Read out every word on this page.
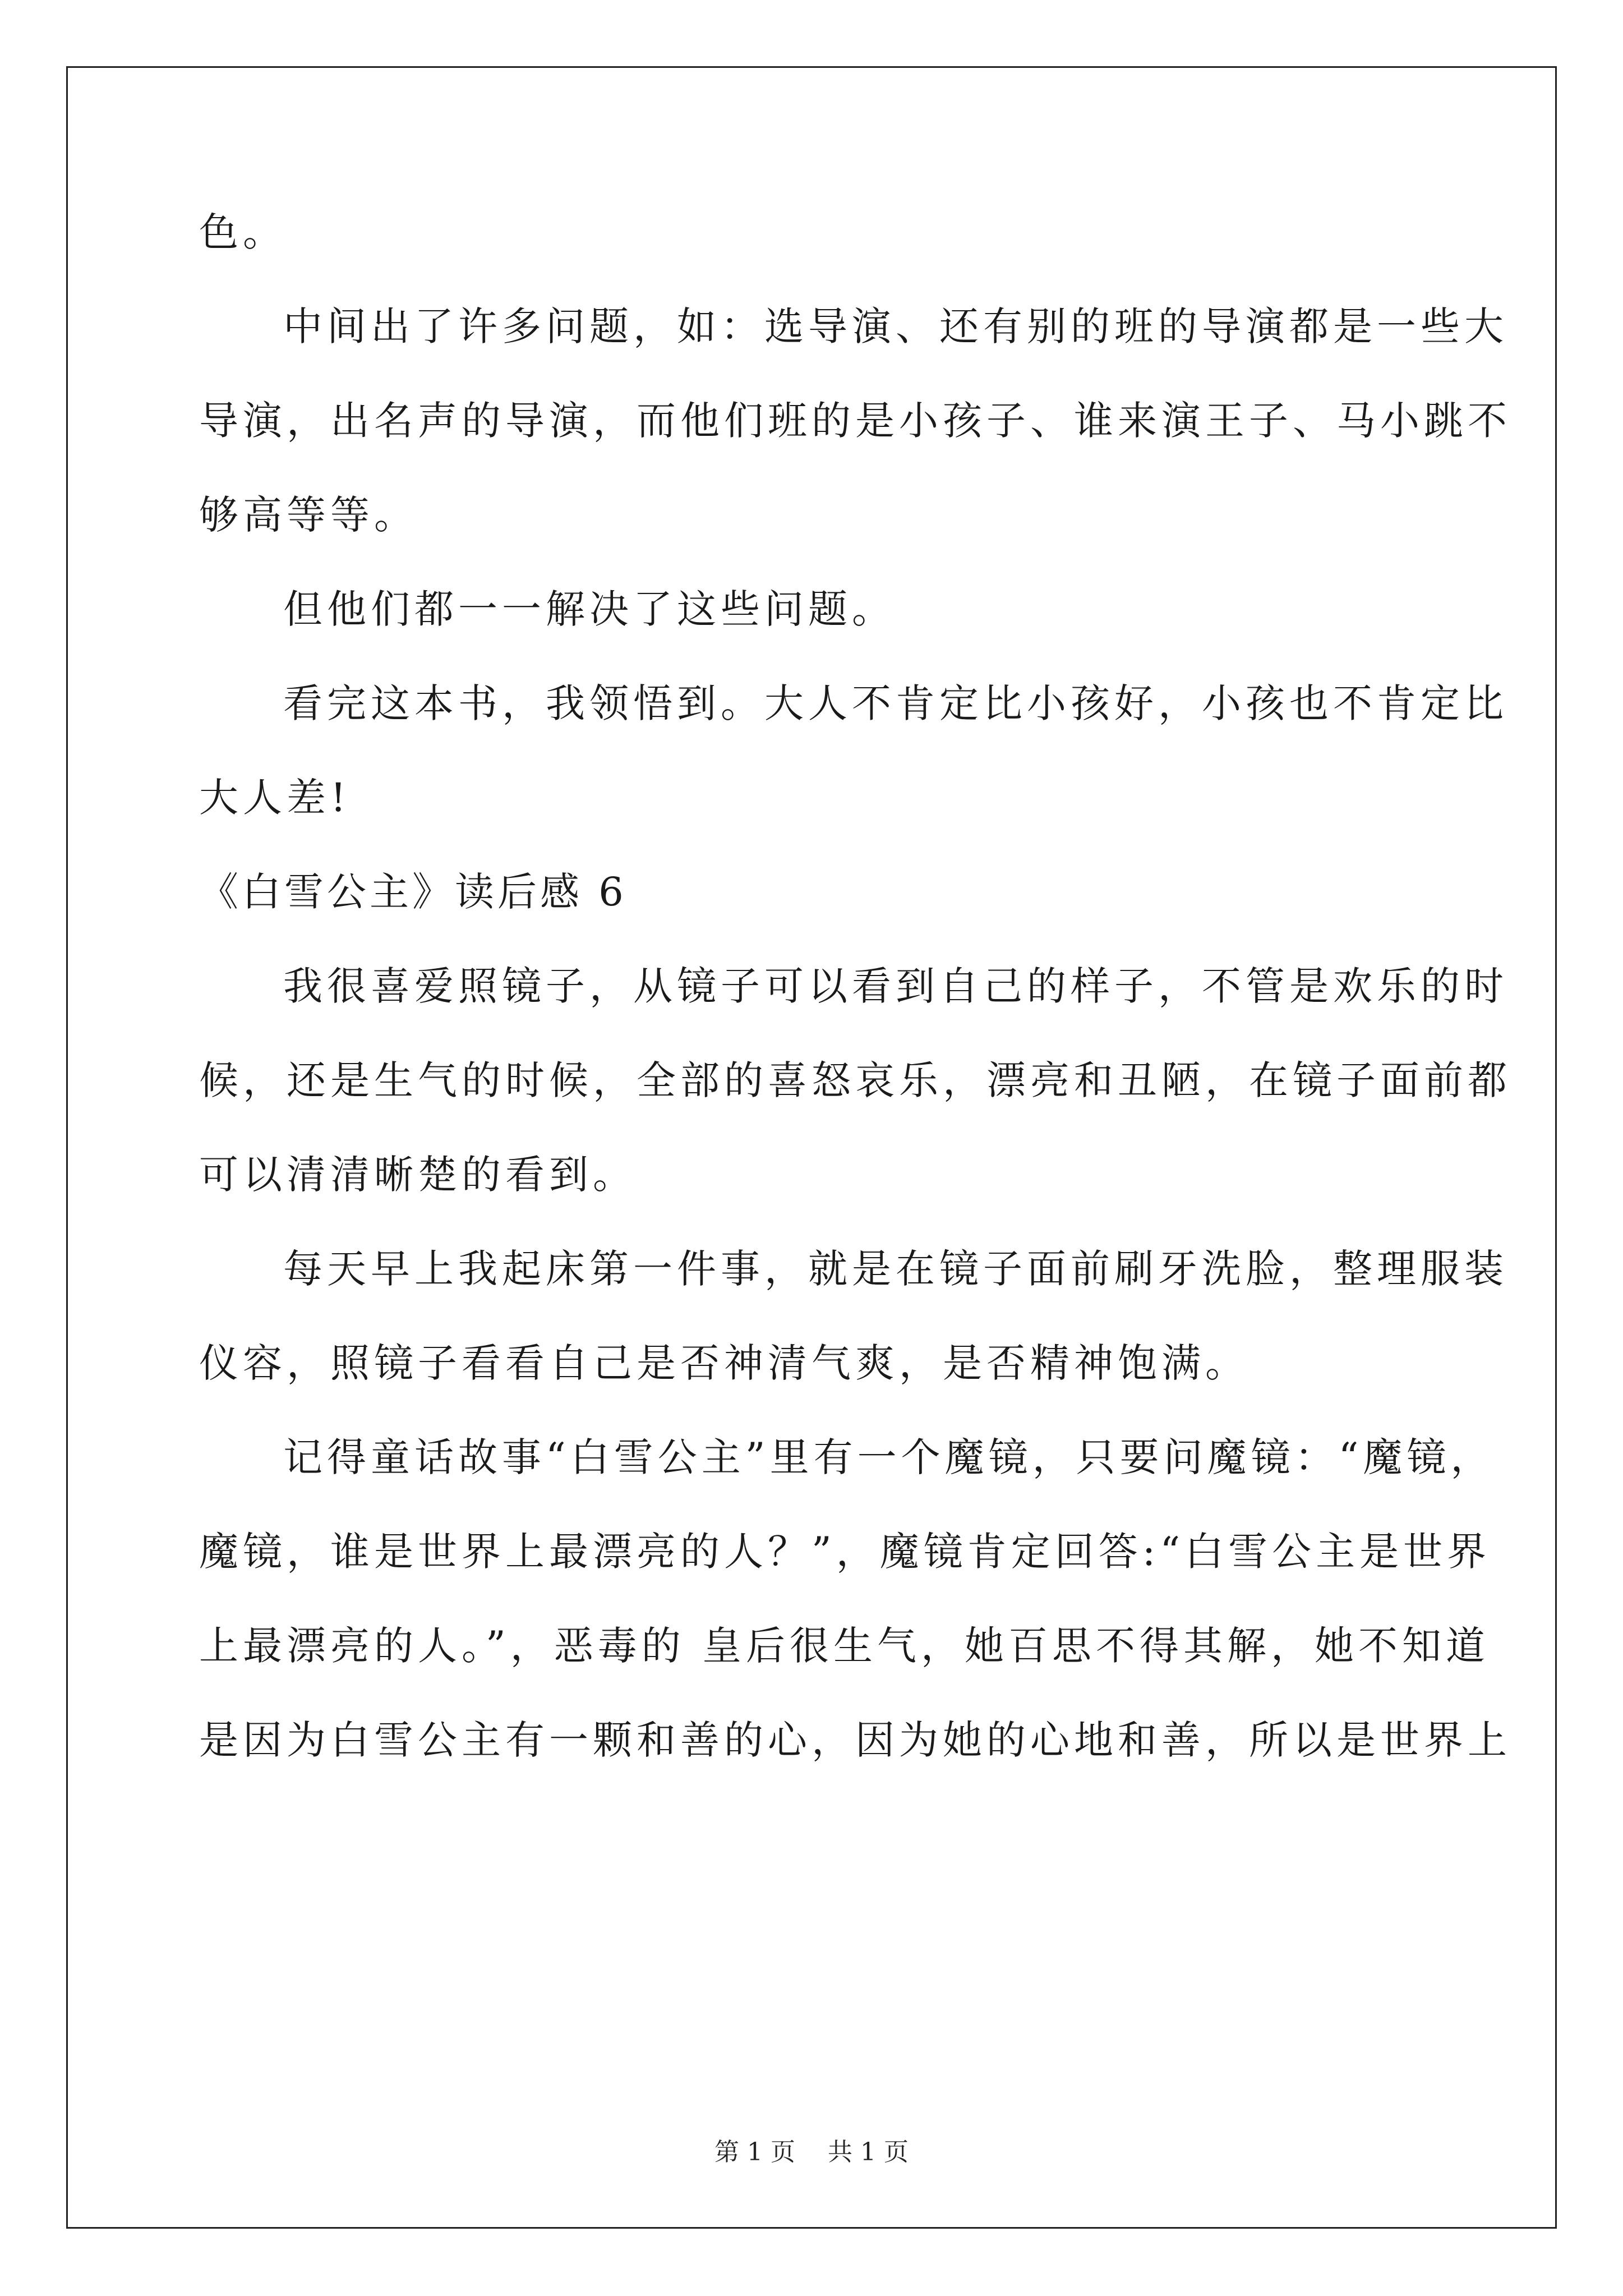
色。
中间出了许多问题，如：选导演、还有别的班的导演都是一些大
导演，出名声的导演，而他们班的是小孩子、谁来演王子、马小跳不
够高等等。
但他们都一一解决了这些问题。
看完这本书，我领悟到。大人不肯定比小孩好，小孩也不肯定比
大人差!
《白雪公主》读后感 6
我很喜爱照镜子，从镜子可以看到自己的样子，不管是欢乐的时
候，还是生气的时候，全部的喜怒哀乐，漂亮和丑陋，在镜子面前都
可以清清晰楚的看到。
每天早上我起床第一件事，就是在镜子面前刷牙洗脸，整理服装
仪容，照镜子看看自己是否神清气爽，是否精神饱满。
记得童话故事“白雪公主”里有一个魔镜，只要问魔镜：“魔镜，
魔镜，谁是世界上最漂亮的人？”，魔镜肯定回答:“白雪公主是世界
上最漂亮的人。”，恶毒的 皇后很生气，她百思不得其解，她不知道
是因为白雪公主有一颗和善的心，因为她的心地和善，所以是世界上
第 1 页 共 1 页
